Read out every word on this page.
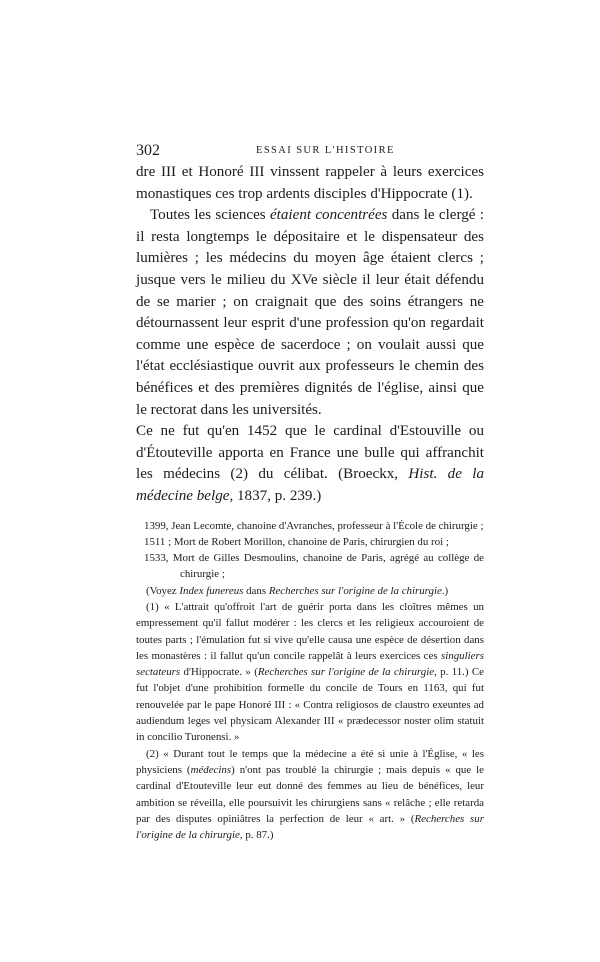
302	ESSAI SUR L'HISTOIRE

dre III et Honoré III vinssent rappeler à leurs exercices monastiques ces trop ardents disciples d'Hippocrate (1).

Toutes les sciences étaient concentrées dans le clergé : il resta longtemps le dépositaire et le dispensateur des lumières ; les médecins du moyen âge étaient clercs ; jusque vers le milieu du XVe siècle il leur était défendu de se marier ; on craignait que des soins étrangers ne détournassent leur esprit d'une profession qu'on regardait comme une espèce de sacerdoce ; on voulait aussi que l'état ecclésiastique ouvrit aux professeurs le chemin des bénéfices et des premières dignités de l'église, ainsi que le rectorat dans les universités.

Ce ne fut qu'en 1452 que le cardinal d'Estouville ou d'Étouteville apporta en France une bulle qui affranchit les médecins (2) du célibat. (Broeckx, Hist. de la médecine belge, 1837, p. 239.)

1399, Jean Lecomte, chanoine d'Avranches, professeur à l'École de chirurgie ;

1511 ; Mort de Robert Morillon, chanoine de Paris, chirurgien du roi ;

1533, Mort de Gilles Desmoulins, chanoine de Paris, agrégé au collège de chirurgie ;

(Voyez Index funereus dans Recherches sur l'origine de la chirurgie.)

(1) « L'attrait qu'offroit l'art de guérir porta dans les cloîtres mêmes un empressement qu'il fallut modérer : les clercs et les religieux accouroient de toutes parts ; l'émulation fut si vive qu'elle causa une espèce de désertion dans les monastères : il fallut qu'un concile rappelât à leurs exercices ces singuliers sectateurs d'Hippocrate. » (Recherches sur l'origine de la chirurgie, p. 11.) Ce fut l'objet d'une prohibition formelle du concile de Tours en 1163, qui fut renouvelée par le pape Honoré III : « Contra religiosos de claustro exeuntes ad audiendum leges vel physicam Alexander III « prædecessor noster olim statuit in concilio Turonensi. »

(2) « Durant tout le temps que la médecine a été si unie à l'Église, « les physiciens (médecins) n'ont pas troublé la chirurgie ; mais depuis « que le cardinal d'Etouteville leur eut donné des femmes au lieu de bénéfices, leur ambition se réveilla, elle poursuivit les chirurgiens sans « relâche ; elle retarda par des disputes opiniâtres la perfection de leur « art. » (Recherches sur l'origine de la chirurgie, p. 87.)
